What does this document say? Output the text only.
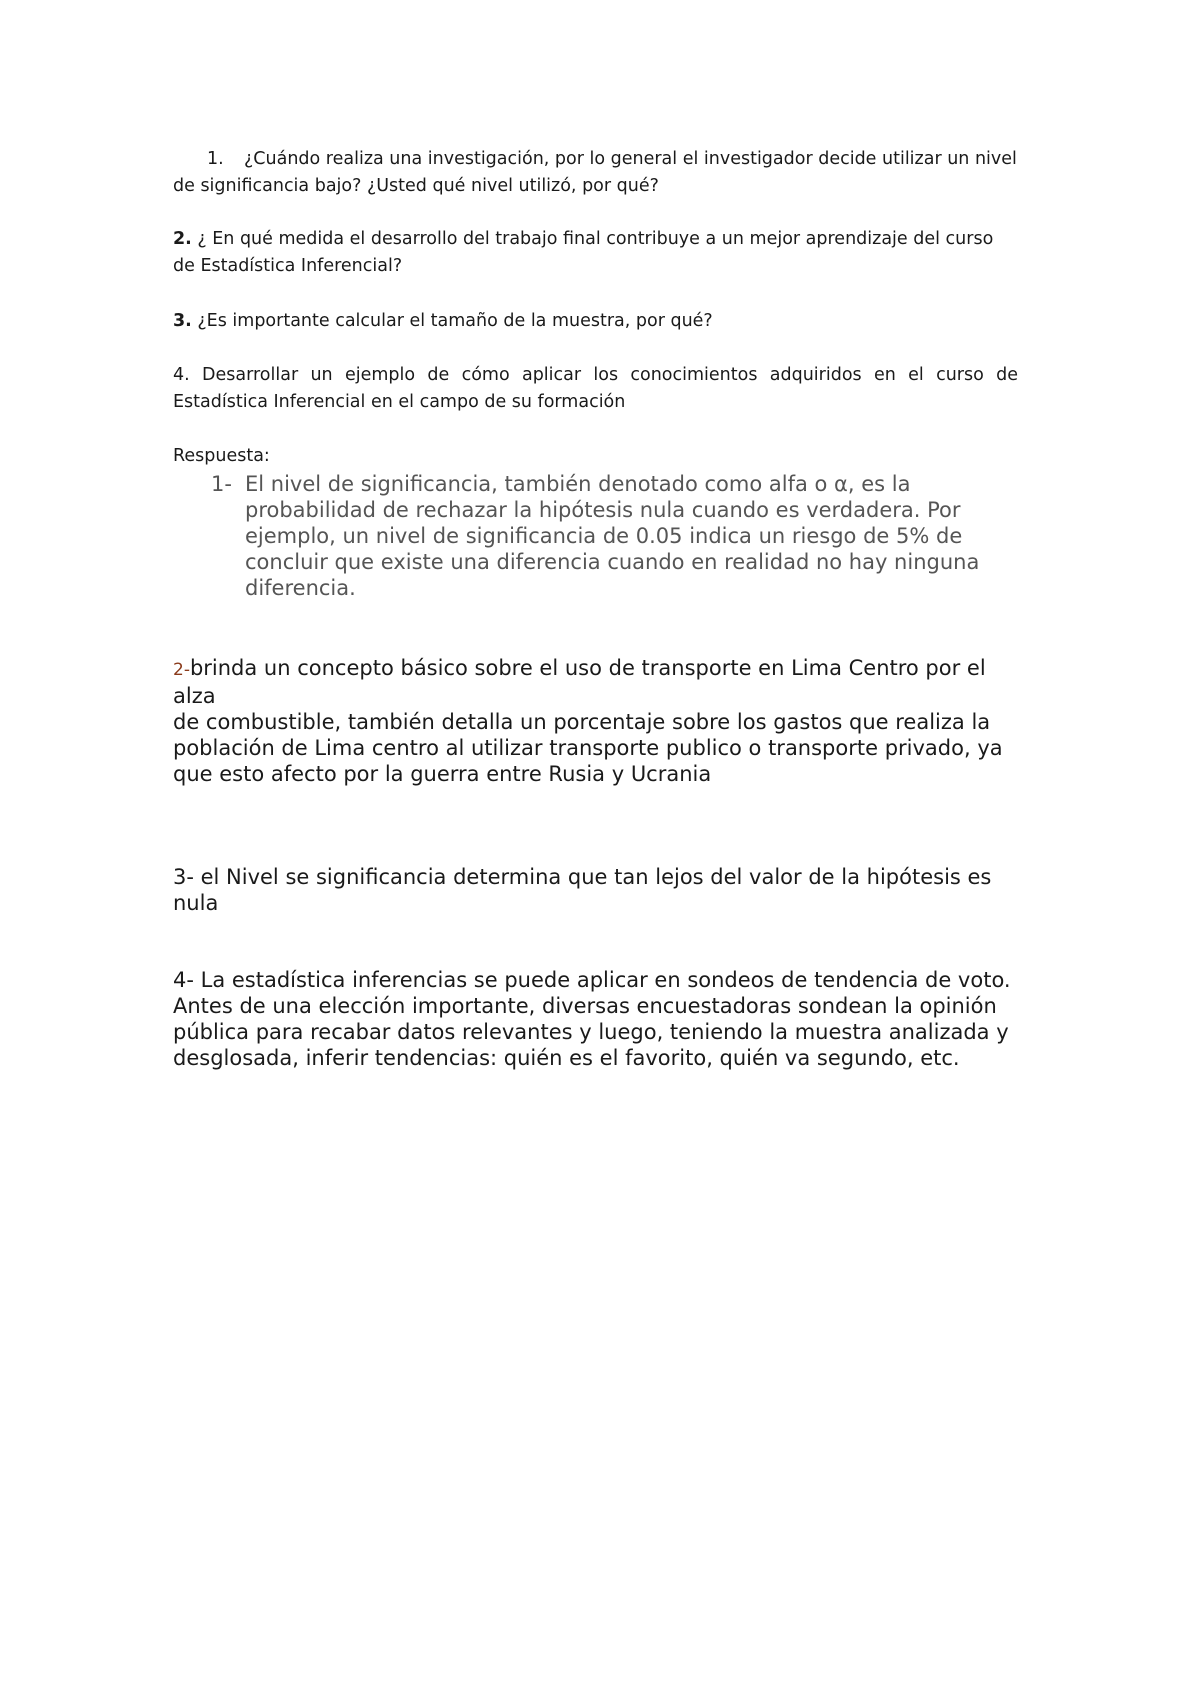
1.	¿Cuándo realiza una investigación, por lo general el investigador decide utilizar un nivel de significancia bajo? ¿Usted qué nivel utilizó, por qué?

2. ¿ En qué medida el desarrollo del trabajo final contribuye a un mejor aprendizaje del curso de Estadística Inferencial?

3. ¿Es importante calcular el tamaño de la muestra, por qué?

4. Desarrollar un ejemplo de cómo aplicar los conocimientos adquiridos en el curso de Estadística Inferencial en el campo de su formación

Respuesta:
1- El nivel de significancia, también denotado como alfa o α, es la probabilidad de rechazar la hipótesis nula cuando es verdadera. Por ejemplo, un nivel de significancia de 0.05 indica un riesgo de 5% de concluir que existe una diferencia cuando en realidad no hay ninguna diferencia.

2-brinda un concepto básico sobre el uso de transporte en Lima Centro por el alza
de combustible, también detalla un porcentaje sobre los gastos que realiza la
población de Lima centro al utilizar transporte publico o transporte privado, ya
que esto afecto por la guerra entre Rusia y Ucrania

3- el Nivel se significancia determina que tan lejos del valor de la hipótesis es nula

4- La estadística inferencias se puede aplicar en sondeos de tendencia de voto. Antes de una elección importante, diversas encuestadoras sondean la opinión pública para recabar datos relevantes y luego, teniendo la muestra analizada y desglosada, inferir tendencias: quién es el favorito, quién va segundo, etc.
